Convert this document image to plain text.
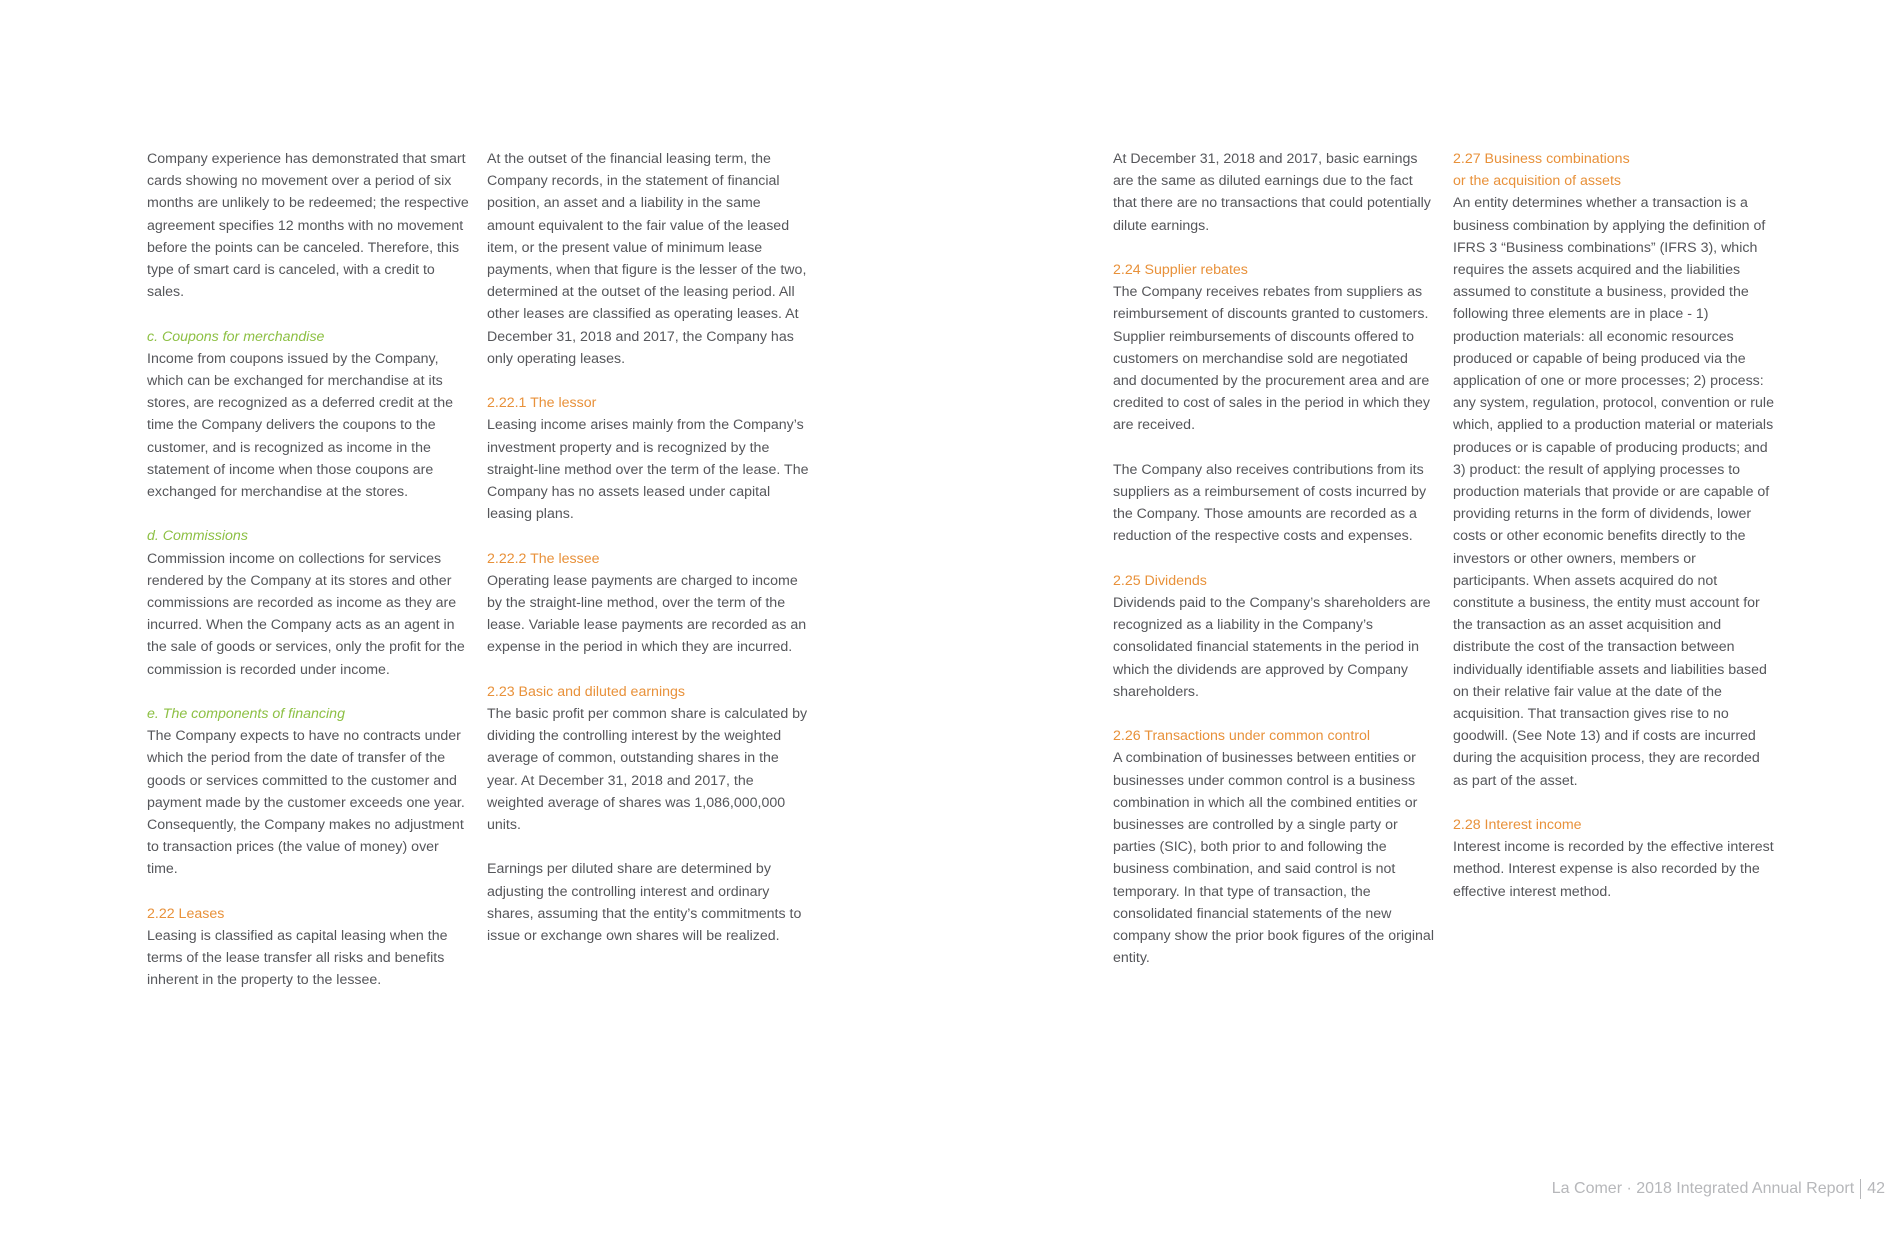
Company experience has demonstrated that smart cards showing no movement over a period of six months are unlikely to be redeemed; the respective agreement specifies 12 months with no movement before the points can be canceled. Therefore, this type of smart card is canceled, with a credit to sales.

c. Coupons for merchandise
Income from coupons issued by the Company, which can be exchanged for merchandise at its stores, are recognized as a deferred credit at the time the Company delivers the coupons to the customer, and is recognized as income in the statement of income when those coupons are exchanged for merchandise at the stores.

d. Commissions
Commission income on collections for services rendered by the Company at its stores and other commissions are recorded as income as they are incurred. When the Company acts as an agent in the sale of goods or services, only the profit for the commission is recorded under income.

e. The components of financing
The Company expects to have no contracts under which the period from the date of transfer of the goods or services committed to the customer and payment made by the customer exceeds one year. Consequently, the Company makes no adjustment to transaction prices (the value of money) over time.

2.22 Leases
Leasing is classified as capital leasing when the terms of the lease transfer all risks and benefits inherent in the property to the lessee.

At the outset of the financial leasing term, the Company records, in the statement of financial position, an asset and a liability in the same amount equivalent to the fair value of the leased item, or the present value of minimum lease payments, when that figure is the lesser of the two, determined at the outset of the leasing period. All other leases are classified as operating leases. At December 31, 2018 and 2017, the Company has only operating leases.

2.22.1 The lessor
Leasing income arises mainly from the Company’s investment property and is recognized by the straight-line method over the term of the lease. The Company has no assets leased under capital leasing plans.

2.22.2 The lessee
Operating lease payments are charged to income by the straight-line method, over the term of the lease. Variable lease payments are recorded as an expense in the period in which they are incurred.

2.23 Basic and diluted earnings
The basic profit per common share is calculated by dividing the controlling interest by the weighted average of common, outstanding shares in the year. At December 31, 2018 and 2017, the weighted average of shares was 1,086,000,000 units.

Earnings per diluted share are determined by adjusting the controlling interest and ordinary shares, assuming that the entity’s commitments to issue or exchange own shares will be realized.

At December 31, 2018 and 2017, basic earnings are the same as diluted earnings due to the fact that there are no transactions that could potentially dilute earnings.

2.24 Supplier rebates
The Company receives rebates from suppliers as reimbursement of discounts granted to customers. Supplier reimbursements of discounts offered to customers on merchandise sold are negotiated and documented by the procurement area and are credited to cost of sales in the period in which they are received.

The Company also receives contributions from its suppliers as a reimbursement of costs incurred by the Company. Those amounts are recorded as a reduction of the respective costs and expenses.

2.25 Dividends
Dividends paid to the Company’s shareholders are recognized as a liability in the Company’s consolidated financial statements in the period in which the dividends are approved by Company shareholders.

2.26 Transactions under common control
A combination of businesses between entities or businesses under common control is a business combination in which all the combined entities or businesses are controlled by a single party or parties (SIC), both prior to and following the business combination, and said control is not temporary. In that type of transaction, the consolidated financial statements of the new company show the prior book figures of the original entity.

2.27 Business combinations
or the acquisition of assets
An entity determines whether a transaction is a business combination by applying the definition of IFRS 3 “Business combinations” (IFRS 3), which requires the assets acquired and the liabilities assumed to constitute a business, provided the following three elements are in place - 1) production materials: all economic resources produced or capable of being produced via the application of one or more processes; 2) process: any system, regulation, protocol, convention or rule which, applied to a production material or materials produces or is capable of producing products; and 3) product: the result of applying processes to production materials that provide or are capable of providing returns in the form of dividends, lower costs or other economic benefits directly to the investors or other owners, members or participants. When assets acquired do not constitute a business, the entity must account for the transaction as an asset acquisition and distribute the cost of the transaction between individually identifiable assets and liabilities based on their relative fair value at the date of the acquisition. That transaction gives rise to no goodwill. (See Note 13) and if costs are incurred during the acquisition process, they are recorded as part of the asset.

2.28 Interest income
Interest income is recorded by the effective interest method. Interest expense is also recorded by the effective interest method.

La Comer · 2018 Integrated Annual Report 42
